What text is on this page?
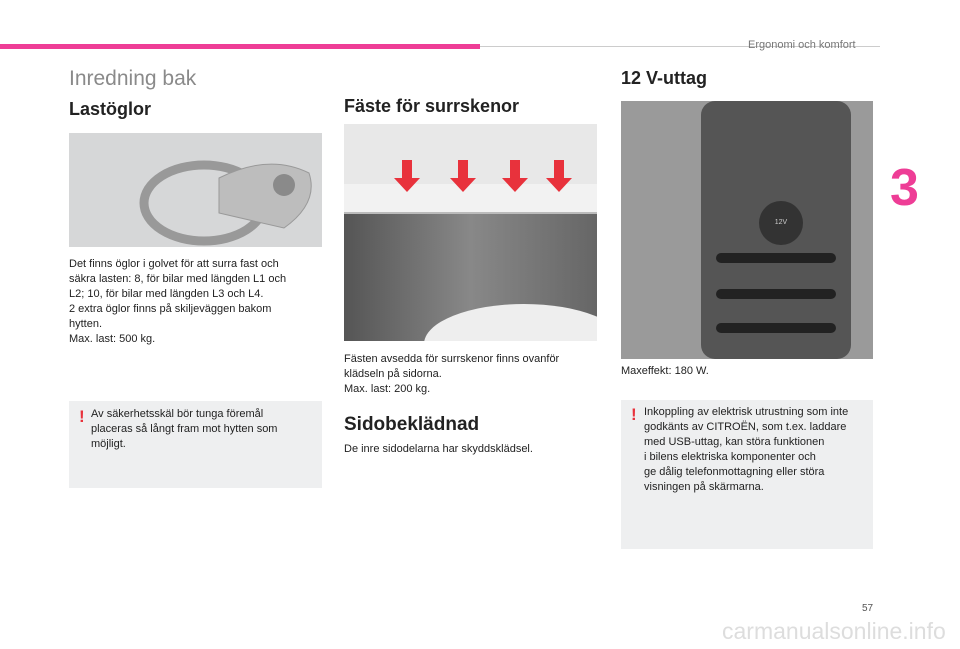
Ergonomi och komfort
3
Inredning bak
Lastöglor
Det finns öglor i golvet för att surra fast och
säkra lasten: 8, för bilar med längden L1 och
L2; 10, för bilar med längden L3 och L4.
2 extra öglor finns på skiljeväggen bakom
hytten.
Max. last: 500 kg.
! Av säkerhetsskäl bör tunga föremål
placeras så långt fram mot hytten som
möjligt.
Fäste för surrskenor
Fästen avsedda för surrskenor finns ovanför
klädseln på sidorna.
Max. last: 200 kg.
Sidobeklädnad
De inre sidodelarna har skyddsklädsel.
12 V-uttag
12V
Maxeffekt: 180 W.
! Inkoppling av elektrisk utrustning som inte
godkänts av CITROËN, som t.ex. laddare
med USB-uttag, kan störa funktionen
i bilens elektriska komponenter och
ge dålig telefonmottagning eller störa
visningen på skärmarna.
57
carmanualsonline.info
